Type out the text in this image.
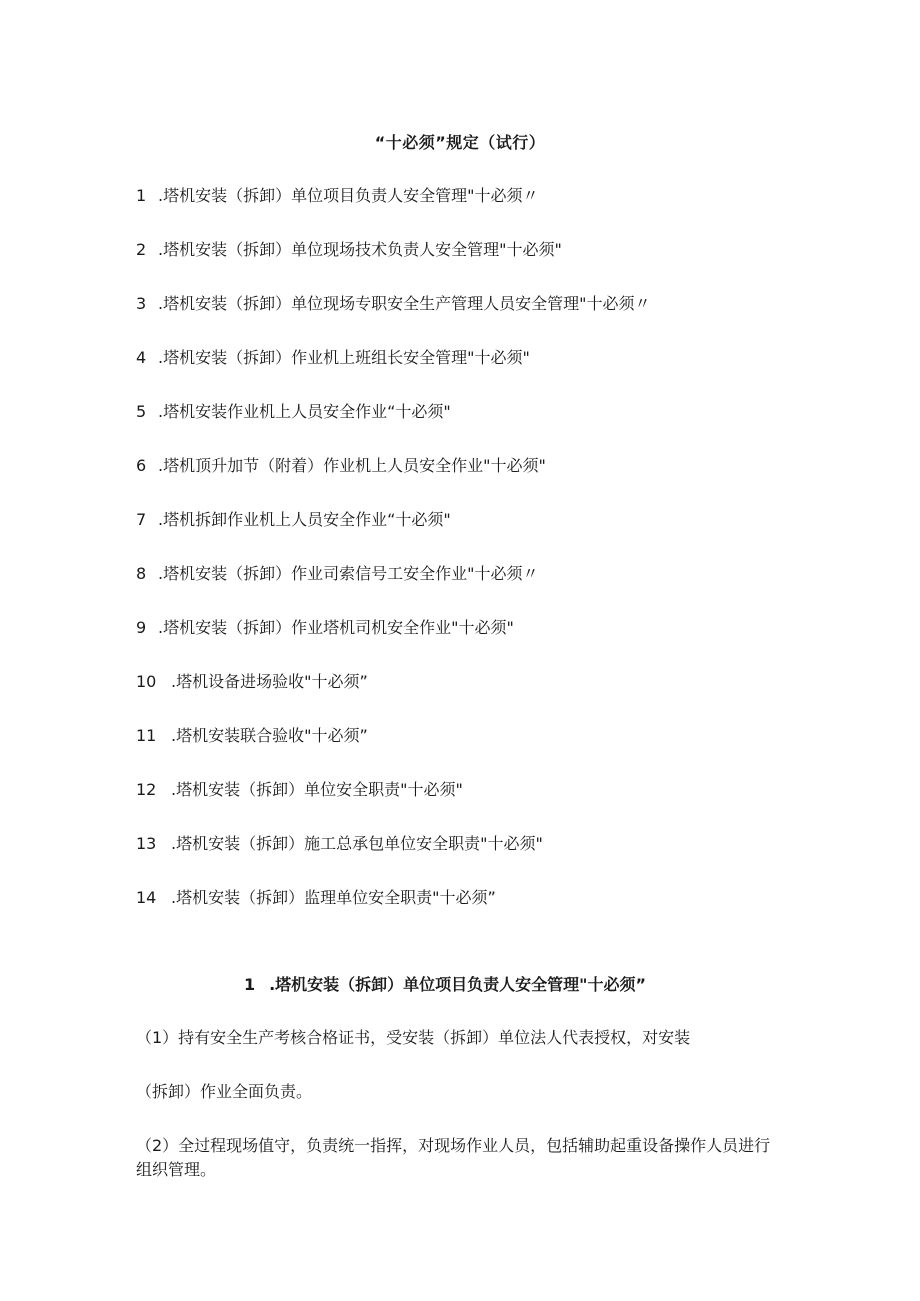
“十必须”规定（试行）
1 .塔机安装（拆卸）单位项目负责人安全管理"十必须〃
2 .塔机安装（拆卸）单位现场技术负责人安全管理"十必须"
3 .塔机安装（拆卸）单位现场专职安全生产管理人员安全管理"十必须〃
4 .塔机安装（拆卸）作业机上班组长安全管理"十必须"
5 .塔机安装作业机上人员安全作业“十必须"
6 .塔机顶升加节（附着）作业机上人员安全作业"十必须"
7 .塔机拆卸作业机上人员安全作业“十必须"
8 .塔机安装（拆卸）作业司索信号工安全作业"十必须〃
9 .塔机安装（拆卸）作业塔机司机安全作业"十必须"
10 .塔机设备进场验收"十必须”
11 .塔机安装联合验收"十必须”
12 .塔机安装（拆卸）单位安全职责"十必须"
13 .塔机安装（拆卸）施工总承包单位安全职责"十必须"
14 .塔机安装（拆卸）监理单位安全职责"十必须”
1 .塔机安装（拆卸）单位项目负责人安全管理"十必须”
（1）持有安全生产考核合格证书，受安装（拆卸）单位法人代表授权，对安装
（拆卸）作业全面负责。
（2）全过程现场值守，负责统一指挥，对现场作业人员，包括辅助起重设备操作人员进行组织管理。
